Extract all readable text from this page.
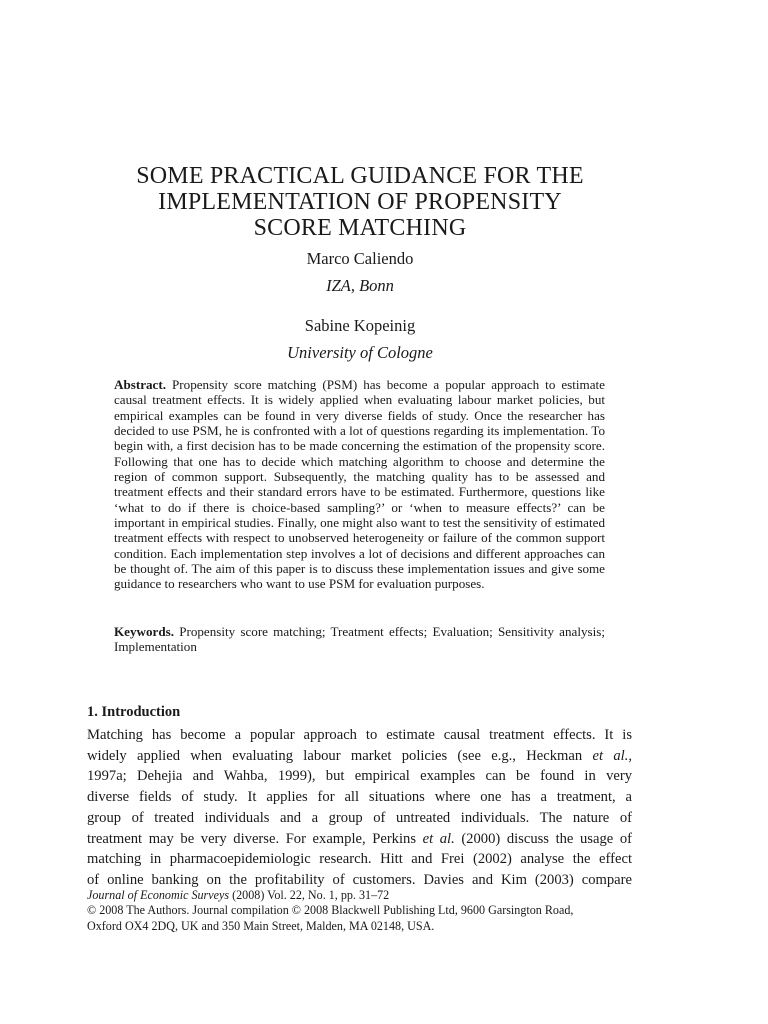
SOME PRACTICAL GUIDANCE FOR THE
IMPLEMENTATION OF PROPENSITY
SCORE MATCHING
Marco Caliendo
IZA, Bonn
Sabine Kopeinig
University of Cologne

Abstract. Propensity score matching (PSM) has become a popular approach to estimate causal treatment effects. It is widely applied when evaluating labour market policies, but empirical examples can be found in very diverse fields of study. Once the researcher has decided to use PSM, he is confronted with a lot of questions regarding its implementation. To begin with, a first decision has to be made concerning the estimation of the propensity score. Following that one has to decide which matching algorithm to choose and determine the region of common support. Subsequently, the matching quality has to be assessed and treatment effects and their standard errors have to be estimated. Furthermore, questions like ‘what to do if there is choice-based sampling?’ or ‘when to measure effects?’ can be important in empirical studies. Finally, one might also want to test the sensitivity of estimated treatment effects with respect to unobserved heterogeneity or failure of the common support condition. Each implementation step involves a lot of decisions and different approaches can be thought of. The aim of this paper is to discuss these implementation issues and give some guidance to researchers who want to use PSM for evaluation purposes.

Keywords. Propensity score matching; Treatment effects; Evaluation; Sensitivity analysis; Implementation

1. Introduction
Matching has become a popular approach to estimate causal treatment effects. It is
widely applied when evaluating labour market policies (see e.g., Heckman et al.,
1997a; Dehejia and Wahba, 1999), but empirical examples can be found in very
diverse fields of study. It applies for all situations where one has a treatment, a
group of treated individuals and a group of untreated individuals. The nature of
treatment may be very diverse. For example, Perkins et al. (2000) discuss the usage of
matching in pharmacoepidemiologic research. Hitt and Frei (2002) analyse the effect
of online banking on the profitability of customers. Davies and Kim (2003) compare
Journal of Economic Surveys (2008) Vol. 22, No. 1, pp. 31–72
© 2008 The Authors. Journal compilation © 2008 Blackwell Publishing Ltd, 9600 Garsington Road,
Oxford OX4 2DQ, UK and 350 Main Street, Malden, MA 02148, USA.
